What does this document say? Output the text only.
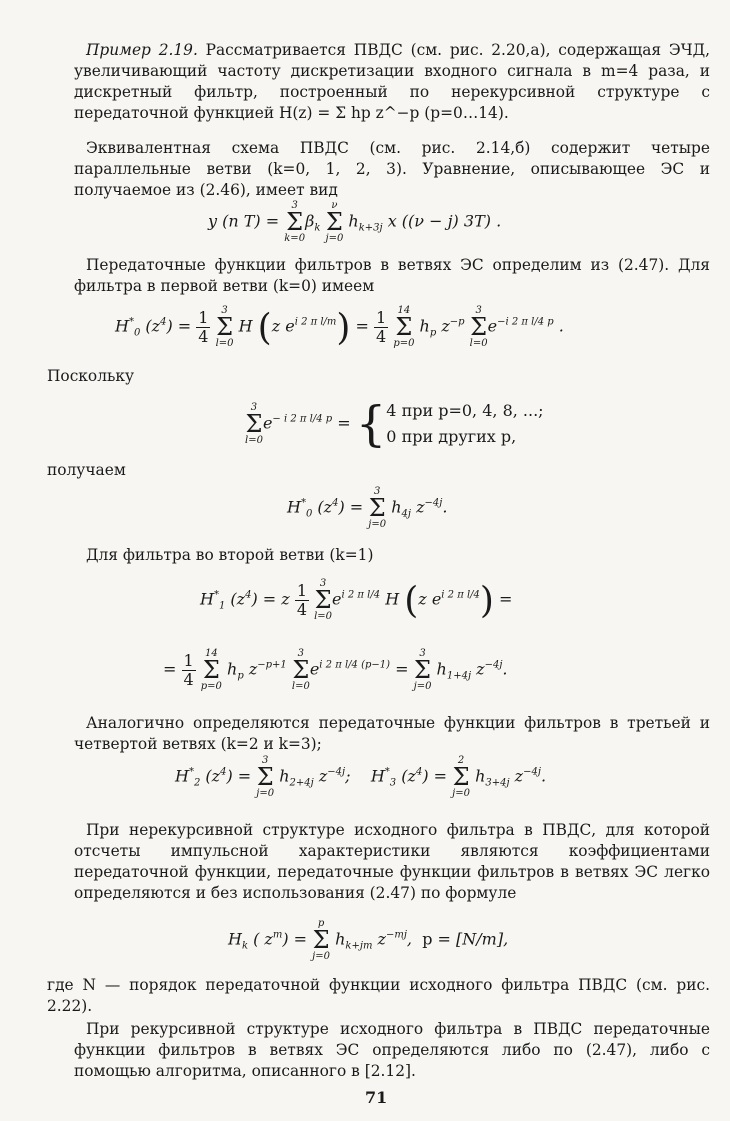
Пример 2.19. Рассматривается ПВДС (см. рис. 2.20,а), содержащая ЭЧД, увеличивающий частоту дискретизации входного сигнала в m=4 раза, и дискретный фильтр, построенный по нерекурсивной структуре с передаточной функцией H(z) = Σ hp z^−p (p=0…14).

Эквивалентная схема ПВДС (см. рис. 2.14,б) содержит четыре параллельные ветви (k=0, 1, 2, 3). Уравнение, описывающее ЭС и получаемое из (2.46), имеет вид

y (n T) =
3
Σ
k=0
$\beta_k$
ν
Σ
j=0
$h_{k+3j}$ x ((ν − j) 3T) .

Передаточные функции фильтров в ветвях ЭС определим из (2.47). Для фильтра в первой ветви (k=0) имеем

$H^*_0$ $(z^4) = \frac{1}{4}$
	3
Σ
l=0
H (z $e^{i 2 \pi l/m}) = \frac{1}{4}$
14
Σ
p=0
$h_p$ $z^{-p}$
3
Σ
l=0
$e^{-i 2 \pi l/4 p}$ .

Поскольку

3
Σ
l=0
$e^{- i 2 \pi l/4 p}$ = { 4 при p=0, 4, 8, ...;
0 при других p,

получаем

$H^*_0$ $(z^4)$ =
3
Σ
j=0
$h_{4j}$ $z^{-4j}$.

Для фильтра во второй ветви (k=1)

$H^*_1$ $(z^4) = z \frac{1}{4}$
	3
Σ
l=0
$e^{i 2 \pi l/4}$ H (z $e^{i 2 \pi l/4}$) =
= $\frac{1}{4}$
14
Σ
p=0
$h_p$ $z^{-p+1}$
3
Σ
l=0
$e^{i 2 \pi l/4 (p-1)}$ =
3
Σ
j=0
$h_{1+4j}$ $z^{-4j}$.

Аналогично определяются передаточные функции фильтров в третьей и четвертой ветвях (k=2 и k=3);

$H^*_2$ $(z^4)$ =
3
Σ
j=0
$h_{2+4j}$ $z^{-4j}$;    $H^*_3$ $(z^4)$ =
2
Σ
j=0
$h_{3+4j}$ $z^{-4j}$.

При нерекурсивной структуре исходного фильтра в ПВДС, для которой отсчеты импульсной характеристики являются коэффициентами передаточной функции, передаточные функции фильтров в ветвях ЭС легко определяются и без использования (2.47) по формуле

$H_k$ ( $z^m$) =
p
Σ
j=0
$h_{k+jm}$ $z^{-mj}$,  p = [N/m],

где N — порядок передаточной функции исходного фильтра ПВДС (см. рис. 2.22).

При рекурсивной структуре исходного фильтра в ПВДС передаточные функции фильтров в ветвях ЭС определяются либо по (2.47), либо с помощью алгоритма, описанного в [2.12].

71
